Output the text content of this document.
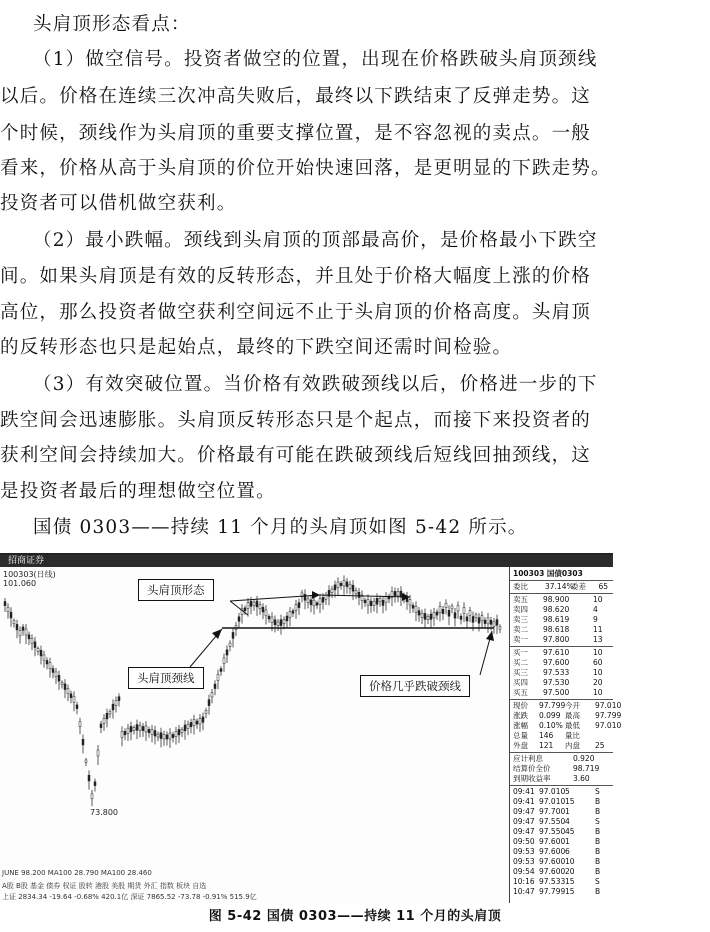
头肩顶形态看点：
（1）做空信号。投资者做空的位置，出现在价格跌破头肩顶颈线
以后。价格在连续三次冲高失败后，最终以下跌结束了反弹走势。这
个时候，颈线作为头肩顶的重要支撑位置，是不容忽视的卖点。一般
看来，价格从高于头肩顶的价位开始快速回落，是更明显的下跌走势。
投资者可以借机做空获利。
（2）最小跌幅。颈线到头肩顶的顶部最高价，是价格最小下跌空
间。如果头肩顶是有效的反转形态，并且处于价格大幅度上涨的价格
高位，那么投资者做空获利空间远不止于头肩顶的价格高度。头肩顶
的反转形态也只是起始点，最终的下跌空间还需时间检验。
（3）有效突破位置。当价格有效跌破颈线以后，价格进一步的下
跌空间会迅速膨胀。头肩顶反转形态只是个起点，而接下来投资者的
获利空间会持续加大。价格最有可能在跌破颈线后短线回抽颈线，这
是投资者最后的理想做空位置。
国债 0303——持续 11 个月的头肩顶如图 5-42 所示。
招商证券
100303(日线)
101.060
73.800
头肩顶形态
头肩顶颈线
价格几乎跌破颈线
JUNE 98.200 MA100 28.790 MA100 28.460
A股 B股 基金 债券 权证 股转 港股 美股 期货 外汇 指数 板块 自选
上证 2834.34 -19.64 -0.68% 420.1亿 深证 7865.52 -73.78 -0.91% 515.9亿
100303 国债0303
委比 37.14%
委差 65
卖五 98.900	10
卖四 98.620	4
卖三 98.619	9
卖二 98.618	11
卖一 97.800	13
买一 97.610	10
买二 97.600	60
买三 97.533	10
买四 97.530	20
买五 97.500	10
现价 97.799 今开 97.010
涨跌 0.099 最高 97.799
涨幅 0.10% 最低 97.010
总量 146 量比
外盘 121 内盘 25
应计利息	0.920
结算价全价	98.719
到期收益率	3.60
09:41 97.010 5	S
09:41 97.010 15	B
09:47 97.700 1	B
09:47 97.550 4	S
09:47 97.550 45	B
09:50 97.600 1	B
09:53 97.600 6	B
09:53 97.600 10	B
09:54 97.600 20	B
10:16 97.533 15	S
10:47 97.799 15	B
图 5-42 国债 0303——持续 11 个月的头肩顶
